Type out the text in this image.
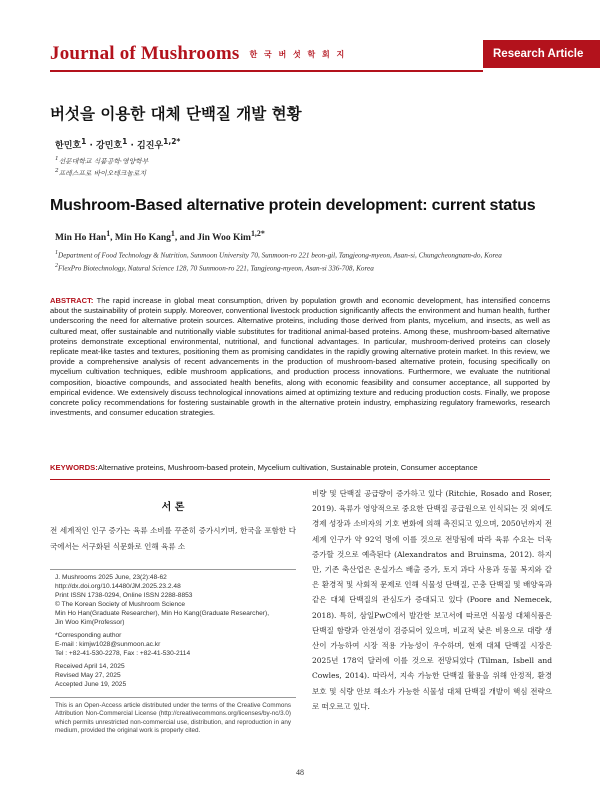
Journal of Mushrooms 한 국 버 섯 학 회 지	Research Article
버섯을 이용한 대체 단백질 개발 현황
한민호$^1$ · 강민호$^1$ · 김진우$^{1,2*}$
$^1$선문대학교 식품공학·영양학부
$^2$프레스프로 바이오테크놀로지
Mushroom-Based alternative protein development: current status
Min Ho Han$^1$, Min Ho Kang$^1$, and Jin Woo Kim$^{1,2*}$
$^1$Department of Food Technology & Nutrition, Sunmoon University 70, Sunmoon-ro 221 beon-gil, Tangjeong-myeon, Asan-si, Chungcheongnam-do, Korea
$^2$FlexPro Biotechnology, Natural Science 128, 70 Sunmoon-ro 221, Tangjeong-myeon, Asan-si 336-708, Korea
ABSTRACT: The rapid increase in global meat consumption, driven by population growth and economic development, has intensified concerns about the sustainability of protein supply. Moreover, conventional livestock production significantly affects the environment and human health, further underscoring the need for alternative protein sources. Alternative proteins, including those derived from plants, mycelium, and insects, as well as cultured meat, offer sustainable and nutritionally viable substitutes for traditional animal-based proteins. Among these, mushroom-based alternative proteins demonstrate exceptional environmental, nutritional, and functional advantages. In particular, mushroom-derived proteins can closely replicate meat-like tastes and textures, positioning them as promising candidates in the rapidly growing alternative protein market. In this review, we provide a comprehensive analysis of recent advancements in the production of mushroom-based alternative protein, focusing specifically on mycelium cultivation techniques, edible mushroom applications, and production process innovations. Furthermore, we evaluate the nutritional composition, bioactive compounds, and associated health benefits, along with economic feasibility and consumer acceptance, all supported by empirical evidence. We extensively discuss technological innovations aimed at optimizing texture and reducing production costs. Finally, we propose concrete policy recommendations for fostering sustainable growth in the alternative protein industry, emphasizing regulatory frameworks, research investments, and consumer education strategies.
KEYWORDS:Alternative proteins, Mushroom-based protein, Mycelium cultivation, Sustainable protein, Consumer acceptance
서 론
전 세계적인 인구 증가는 육류 소비를 꾸준히 증가시키며, 한국을 포함한 다국에서는 서구화된 식문화로 인해 육류 소
J. Mushrooms 2025 June, 23(2):48-62
http://dx.doi.org/10.14480/JM.2025.23.2.48
Print ISSN 1738-0294, Online ISSN 2288-8853
© The Korean Society of Mushroom Science
Min Ho Han(Graduate Researcher), Min Ho Kang(Graduate Researcher),
Jin Woo Kim(Professor)
*Corresponding author
E-mail : kimjw1028@sunmoon.ac.kr
Tel : +82-41-530-2278, Fax : +82-41-530-2114
Received April 14, 2025
Revised May 27, 2025
Accepted June 19, 2025
This is an Open-Access article distributed under the terms of the Creative Commons Attribution Non-Commercial License (http://creativecommons.org/licenses/by-nc/3.0) which permits unrestricted non-commercial use, distribution, and reproduction in any medium, provided the original work is properly cited.
비량 및 단백질 공급량이 증가하고 있다 (Ritchie, Rosado and Roser, 2019). 육류가 영양적으로 중요한 단백질 공급원으로 인식되는 것 외에도 경제 성장과 소비자의 기호 변화에 의해 촉진되고 있으며, 2050년까지 전 세계 인구가 약 92억 명에 이를 것으로 전망됨에 따라 육류 수요는 더욱 증가할 것으로 예측된다 (Alexandratos and Bruinsma, 2012). 하지만, 기존 축산업은 온실가스 배출 증가, 토지 과다 사용과 동물 복지와 같은 환경적 및 사회적 문제로 인해 식물성 단백질, 곤충 단백질 및 배양육과 같은 대체 단백질의 관심도가 증대되고 있다 (Poore and Nemecek, 2018). 특히, 삼일PwC에서 발간한 보고서에 따르면 식물성 대체식품은 단백질 함량과 안전성이 검증되어 있으며, 비교적 낮은 비용으로 대량 생산이 가능하여 시장 적용 가능성이 우수하며, 현재 대체 단백질 시장은 2025년 178억 달러에 이를 것으로 전망되었다 (Tilman, Isbell and Cowles, 2014). 따라서, 지속 가능한 단백질 활용을 위해 안정적, 환경 보호 및 식량 안보 해소가 가능한 식물성 대체 단백질 개발이 핵심 전략으로 떠오르고 있다.
48
